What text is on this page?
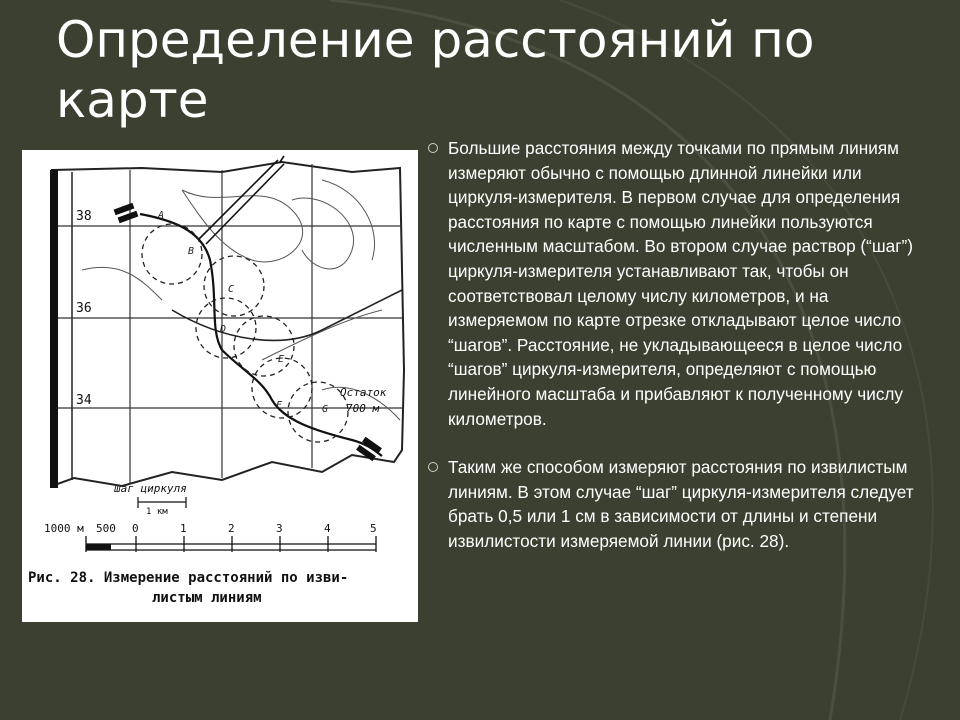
Определение расстояний по карте
38
36
34
A
B
C
D
E
F	G
Остаток
700 м
шаг циркуля
1 км
1000 м 500 0	1	2	3	4	5
Рис. 28. Измерение расстояний по изви-
листым линиям

Большие расстояния между точками по прямым линиям измеряют обычно с помощью длинной линейки или циркуля-измерителя. В первом случае для определения расстояния по карте с помощью линейки пользуются численным масштабом. Во втором случае раствор (“шаг”) циркуля-измерителя устанавливают так, чтобы он соответствовал целому числу километров, и на измеряемом по карте отрезке откладывают целое число “шагов”. Расстояние, не укладывающееся в целое число “шагов” циркуля-измерителя, определяют с помощью линейного масштаба и прибавляют к полученному числу километров.

Таким же способом измеряют расстояния по извилистым линиям. В этом случае “шаг” циркуля-измерителя следует брать 0,5 или 1 см в зависимости от длины и степени извилистости измеряемой линии (рис. 28).
